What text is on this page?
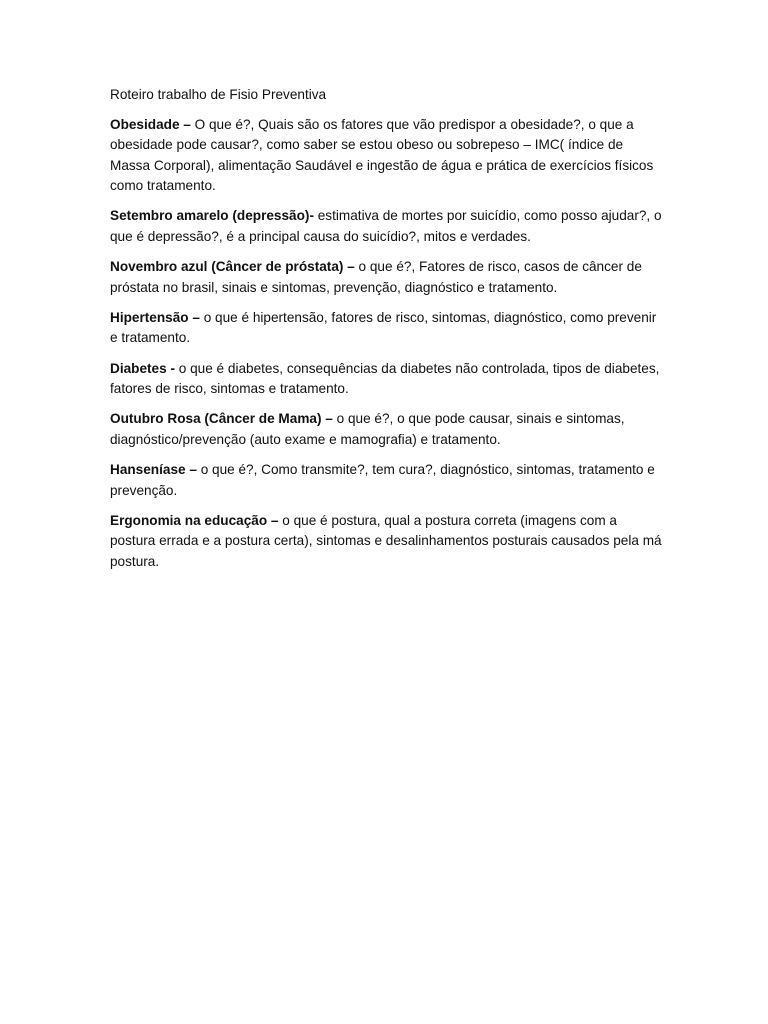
Roteiro trabalho de Fisio Preventiva

Obesidade – O que é?, Quais são os fatores que vão predispor a obesidade?, o que a obesidade pode causar?, como saber se estou obeso ou sobrepeso – IMC( índice de Massa Corporal), alimentação Saudável e ingestão de água e prática de exercícios físicos como tratamento.

Setembro amarelo (depressão)- estimativa de mortes por suicídio, como posso ajudar?, o que é depressão?, é a principal causa do suicídio?, mitos e verdades.

Novembro azul (Câncer de próstata) – o que é?, Fatores de risco, casos de câncer de próstata no brasil, sinais e sintomas, prevenção, diagnóstico e tratamento.

Hipertensão – o que é hipertensão, fatores de risco, sintomas, diagnóstico, como prevenir e tratamento.

Diabetes - o que é diabetes, consequências da diabetes não controlada, tipos de diabetes, fatores de risco, sintomas e tratamento.

Outubro Rosa (Câncer de Mama) – o que é?, o que pode causar, sinais e sintomas, diagnóstico/prevenção (auto exame e mamografia) e tratamento.

Hanseníase – o que é?, Como transmite?, tem cura?, diagnóstico, sintomas, tratamento e prevenção.

Ergonomia na educação – o que é postura, qual a postura correta (imagens com a postura errada e a postura certa), sintomas e desalinhamentos posturais causados pela má postura.
